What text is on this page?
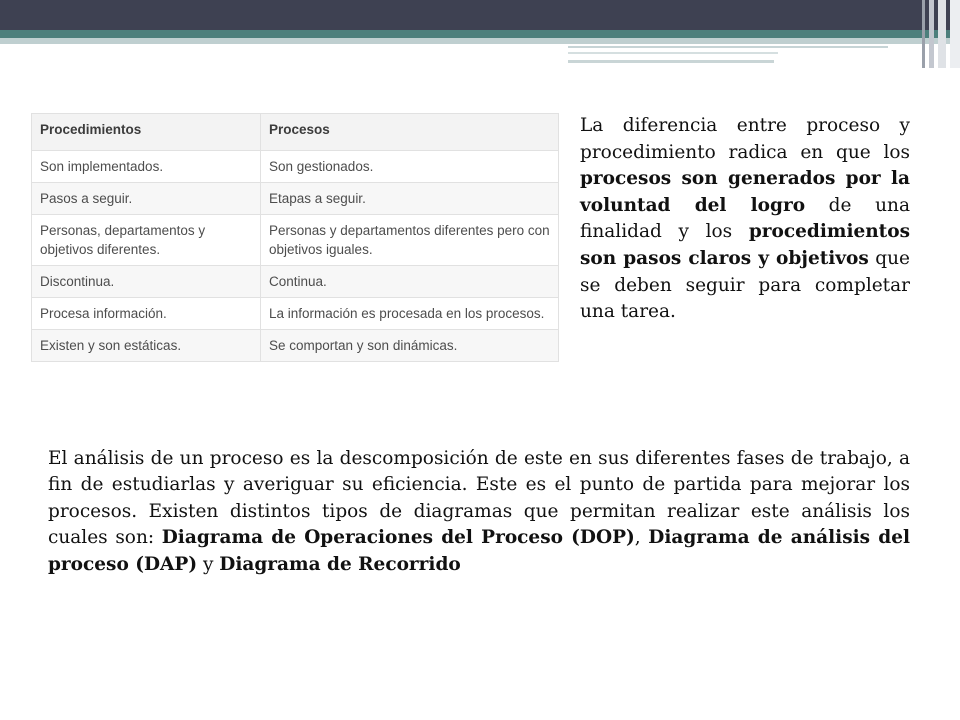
Procedimientos	Procesos
Son implementados.	Son gestionados.
Pasos a seguir.	Etapas a seguir.
Personas, departamentos y objetivos diferentes.	Personas y departamentos diferentes pero con objetivos iguales.
Discontinua.	Continua.
Procesa información.	La información es procesada en los procesos.
Existen y son estáticas.	Se comportan y son dinámicas.

La diferencia entre proceso y procedimiento radica en que los procesos son generados por la voluntad del logro de una finalidad y los procedimientos son pasos claros y objetivos que se deben seguir para completar una tarea.

El análisis de un proceso es la descomposición de este en sus diferentes fases de trabajo, a fin de estudiarlas y averiguar su eficiencia. Este es el punto de partida para mejorar los procesos. Existen distintos tipos de diagramas que permitan realizar este análisis los cuales son: Diagrama de Operaciones del Proceso (DOP), Diagrama de análisis del proceso (DAP) y Diagrama de Recorrido
